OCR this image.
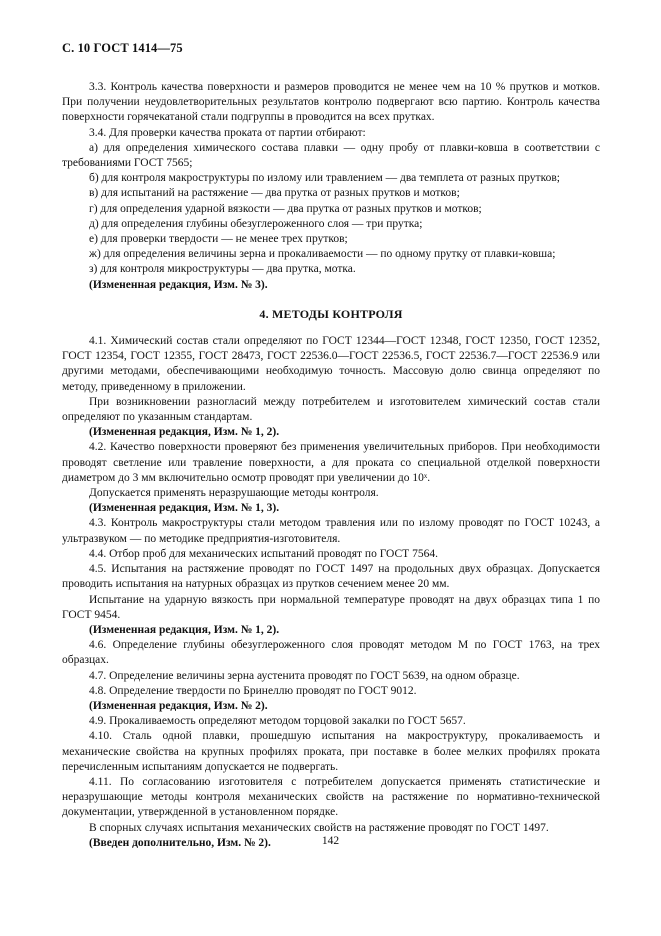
С. 10 ГОСТ 1414—75

3.3. Контроль качества поверхности и размеров проводится не менее чем на 10 % прутков и мотков. При получении неудовлетворительных результатов контролю подвергают всю партию. Контроль качества поверхности горячекатаной стали подгруппы в проводится на всех прутках.

3.4. Для проверки качества проката от партии отбирают:

а) для определения химического состава плавки — одну пробу от плавки-ковша в соответствии с требованиями ГОСТ 7565;

б) для контроля макроструктуры по излому или травлением — два темплета от разных прутков;

в) для испытаний на растяжение — два прутка от разных прутков и мотков;

г) для определения ударной вязкости — два прутка от разных прутков и мотков;

д) для определения глубины обезуглероженного слоя — три прутка;

е) для проверки твердости — не менее трех прутков;

ж) для определения величины зерна и прокаливаемости — по одному прутку от плавки-ковша;

з) для контроля микроструктуры — два прутка, мотка.

(Измененная редакция, Изм. № 3).

4. МЕТОДЫ КОНТРОЛЯ

4.1. Химический состав стали определяют по ГОСТ 12344—ГОСТ 12348, ГОСТ 12350, ГОСТ 12352, ГОСТ 12354, ГОСТ 12355, ГОСТ 28473, ГОСТ 22536.0—ГОСТ 22536.5, ГОСТ 22536.7—ГОСТ 22536.9 или другими методами, обеспечивающими необходимую точность. Массовую долю свинца определяют по методу, приведенному в приложении.

При возникновении разногласий между потребителем и изготовителем химический состав стали определяют по указанным стандартам.

(Измененная редакция, Изм. № 1, 2).

4.2. Качество поверхности проверяют без применения увеличительных приборов. При необходимости проводят светление или травление поверхности, а для проката со специальной отделкой поверхности диаметром до 3 мм включительно осмотр проводят при увеличении до 10ˣ.

Допускается применять неразрушающие методы контроля.

(Измененная редакция, Изм. № 1, 3).

4.3. Контроль макроструктуры стали методом травления или по излому проводят по ГОСТ 10243, а ультразвуком — по методике предприятия-изготовителя.

4.4. Отбор проб для механических испытаний проводят по ГОСТ 7564.

4.5. Испытания на растяжение проводят по ГОСТ 1497 на продольных двух образцах. Допускается проводить испытания на натурных образцах из прутков сечением менее 20 мм.

Испытание на ударную вязкость при нормальной температуре проводят на двух образцах типа 1 по ГОСТ 9454.

(Измененная редакция, Изм. № 1, 2).

4.6. Определение глубины обезуглероженного слоя проводят методом М по ГОСТ 1763, на трех образцах.

4.7. Определение величины зерна аустенита проводят по ГОСТ 5639, на одном образце.

4.8. Определение твердости по Бринеллю проводят по ГОСТ 9012.

(Измененная редакция, Изм. № 2).

4.9. Прокаливаемость определяют методом торцовой закалки по ГОСТ 5657.

4.10. Сталь одной плавки, прошедшую испытания на макроструктуру, прокаливаемость и механические свойства на крупных профилях проката, при поставке в более мелких профилях проката перечисленным испытаниям допускается не подвергать.

4.11. По согласованию изготовителя с потребителем допускается применять статистические и неразрушающие методы контроля механических свойств на растяжение по нормативно-технической документации, утвержденной в установленном порядке.

В спорных случаях испытания механических свойств на растяжение проводят по ГОСТ 1497.

(Введен дополнительно, Изм. № 2).	142
